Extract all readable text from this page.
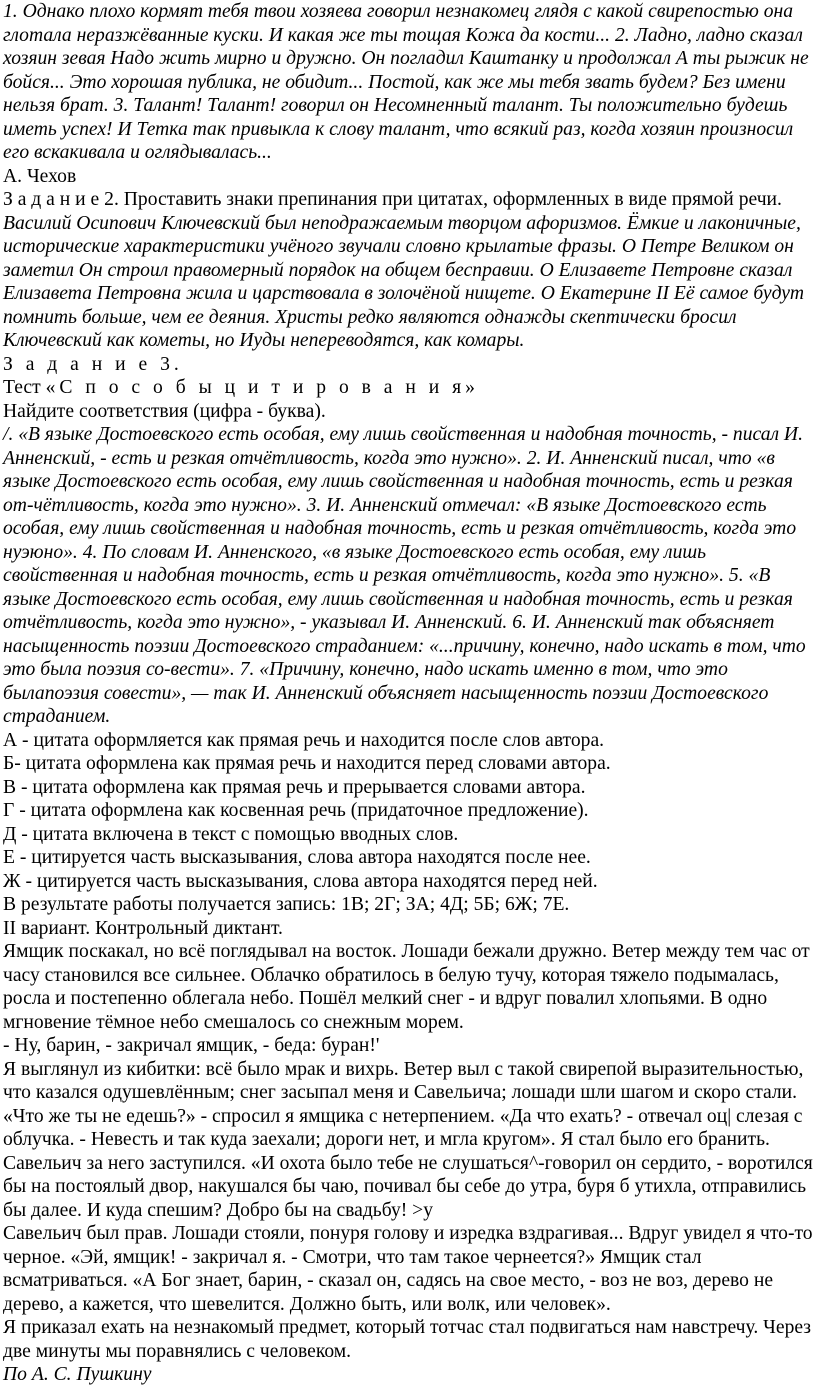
1. Однако плохо кормят тебя твои хозяева говорил незнакомец глядя с какой свирепостью она глотала неразжёванные куски. И какая же ты тощая Кожа да кости... 2. Ладно, ладно сказал хозяин зевая Надо жить мирно и дружно. Он погладил Каштанку и продолжал А ты рыжик не бойся... Это хорошая публика, не обидит... Постой, как же мы тебя звать будем? Без имени нельзя брат. 3. Талант! Талант! говорил он Несомненный талант. Ты положительно будешь иметь успех! И Тетка так привыкла к слову талант, что всякий раз, когда хозяин произносил его вскакивала и оглядывалась...

А. Чехов

З а д а н и е 2. Проставить знаки препинания при цитатах, оформленных в виде прямой речи.

Василий Осипович Ключевский был неподражаемым творцом афоризмов. Ёмкие и лаконичные, исторические характеристики учёного звучали словно крылатые фразы. О Петре Великом он заметил Он строил правомерный порядок на общем бесправии. О Елизавете Петровне сказал Елизавета Петровна жила и царствовала в золочёной нищете. О Екатерине II Её самое будут помнить больше, чем ее деяния. Христы редко являются однажды скептически бросил Ключевский как кометы, но Иуды непереводятся, как комары.

З а д а н и е 3.

Тест «С п о с о б ы ц и т и р о в а н и я»

Найдите соответствия (цифра - буква).

/. «В языке Достоевского есть особая, ему лишь свойственная и надобная точность, - писал И. Анненский, - есть и резкая отчётливость, когда это нужно». 2. И. Анненский писал, что «в языке Достоевского есть особая, ему лишь свойственная и надобная точность, есть и резкая от-чётливость, когда это нужно». 3. И. Анненский отмечал: «В языке Достоевского есть особая, ему лишь свойственная и надобная точность, есть и резкая отчётливость, когда это нуэюно». 4. По словам И. Анненского, «в языке Достоевского есть особая, ему лишь свойственная и надобная точность, есть и резкая отчётливость, когда это нужно». 5. «В языке Достоевского есть особая, ему лишь свойственная и надобная точность, есть и резкая отчётливость, когда это нужно», - указывал И. Анненский. 6. И. Анненский так объясняет насыщенность поэзии Достоевского страданием: «...причину, конечно, надо искать в том, что это была поэзия со-вести». 7. «Причину, конечно, надо искать именно в том, что это былапоэзия совести», — так И. Анненский объясняет насыщенность поэзии Достоевского страданием.

А - цитата оформляется как прямая речь и находится после слов автора.

Б- цитата оформлена как прямая речь и находится перед словами автора.

В - цитата оформлена как прямая речь и прерывается словами автора.

Г - цитата оформлена как косвенная речь (придаточное предложение).

Д - цитата включена в текст с помощью вводных слов.

Е - цитируется часть высказывания, слова автора находятся после нее.

Ж - цитируется часть высказывания, слова автора находятся перед ней.

В результате работы получается запись: 1В; 2Г; ЗА; 4Д; 5Б; 6Ж; 7Е.

II вариант. Контрольный диктант.

Ямщик поскакал, но всё поглядывал на восток. Лошади бежали дружно. Ветер между тем час от часу становился все сильнее. Облачко обратилось в белую тучу, которая тяжело подымалась, росла и постепенно облегала небо. Пошёл мелкий снег - и вдруг повалил хлопьями. В одно мгновение тёмное небо смешалось со снежным морем.

- Ну, барин, - закричал ямщик, - беда: буран!'

Я выглянул из кибитки: всё было мрак и вихрь. Ветер выл с такой свирепой выразительностью, что казался одушевлённым; снег засыпал меня и Савельича; лошади шли шагом и скоро стали. «Что же ты не едешь?» - спросил я ямщика с нетерпением. «Да что ехать? - отвечал оц| слезая с облучка. - Невесть и так куда заехали; дороги нет, и мгла кругом». Я стал было его бранить. Савельич за него заступился. «И охота было тебе не слушаться^-говорил он сердито, - воротился бы на постоялый двор, накушался бы чаю, почивал бы себе до утра, буря б утихла, отправились бы далее. И куда спешим? Добро бы на свадьбу! >у

Савельич был прав. Лошади стояли, понуря голову и изредка вздрагивая... Вдруг увидел я что-то черное. «Эй, ямщик! - закричал я. - Смотри, что там такое чернеется?» Ямщик стал всматриваться. «А Бог знает, барин, - сказал он, садясь на свое место, - воз не воз, дерево не дерево, а кажется, что шевелится. Должно быть, или волк, или человек».

Я приказал ехать на незнакомый предмет, который тотчас стал подвигаться нам навстречу. Через две минуты мы поравнялись с человеком.

По А. С. Пушкину
